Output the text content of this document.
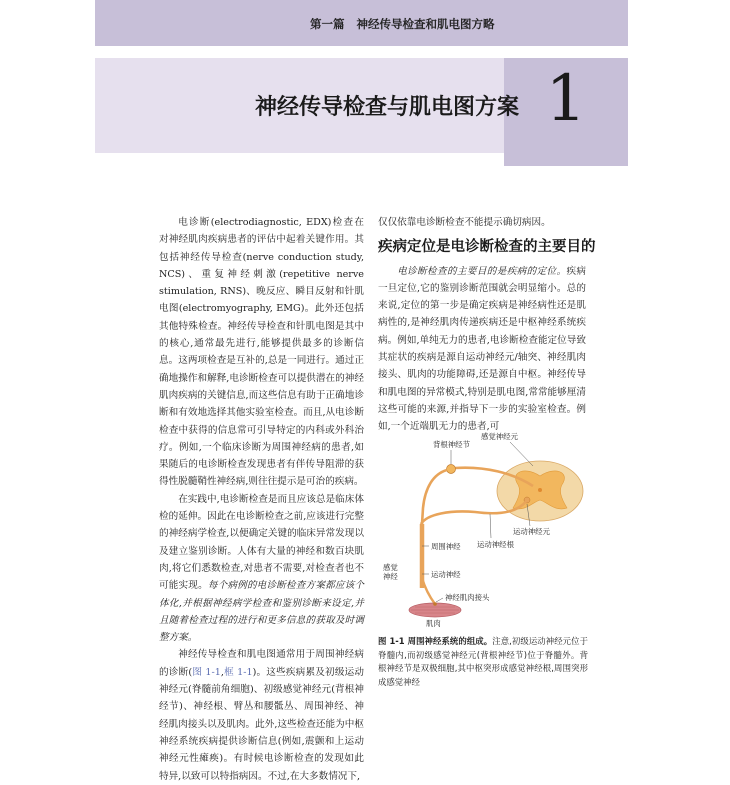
第一篇 神经传导检查和肌电图方略
1
神经传导检查与肌电图方案

电诊断(electrodiagnostic, EDX)检查在对神经肌肉疾病患者的评估中起着关键作用。其包括神经传导检查(nerve conduction study, NCS)、重复神经刺激(repetitive nerve stimulation, RNS)、晚反应、瞬目反射和针肌电图(electromyography, EMG)。此外还包括其他特殊检查。神经传导检查和针肌电图是其中的核心,通常最先进行,能够提供最多的诊断信息。这两项检查是互补的,总是一同进行。通过正确地操作和解释,电诊断检查可以提供潜在的神经肌肉疾病的关键信息,而这些信息有助于正确地诊断和有效地选择其他实验室检查。而且,从电诊断检查中获得的信息常可引导特定的内科或外科治疗。例如,一个临床诊断为周围神经病的患者,如果随后的电诊断检查发现患者有伴传导阻滞的获得性脱髓鞘性神经病,则往往提示是可治的疾病。

在实践中,电诊断检查是而且应该总是临床体检的延伸。因此在电诊断检查之前,应该进行完整的神经病学检查,以便确定关键的临床异常发现以及建立鉴别诊断。人体有大量的神经和数百块肌肉,将它们悉数检查,对患者不需要,对检查者也不可能实现。每个病例的电诊断检查方案都应该个体化,并根据神经病学检查和鉴别诊断来设定,并且随着检查过程的进行和更多信息的获取及时调整方案。

神经传导检查和肌电图通常用于周围神经病的诊断(图 1-1,框 1-1)。这些疾病累及初级运动神经元(脊髓前角细胞)、初级感觉神经元(背根神经节)、神经根、臂丛和腰骶丛、周围神经、神经肌肉接头以及肌肉。此外,这些检查还能为中枢神经系统疾病提供诊断信息(例如,震颤和上运动神经元性瘫痪)。有时候电诊断检查的发现如此特异,以致可以特指病因。不过,在大多数情况下,

仅仅依靠电诊断检查不能提示确切病因。

疾病定位是电诊断检查的主要目的

电诊断检查的主要目的是疾病的定位。疾病一旦定位,它的鉴别诊断范围就会明显缩小。总的来说,定位的第一步是确定疾病是神经病性还是肌病性的,是神经肌肉传递疾病还是中枢神经系统疾病。例如,单纯无力的患者,电诊断检查能定位导致其症状的疾病是源自运动神经元/轴突、神经肌肉接头、肌肉的功能障碍,还是源自中枢。神经传导和肌电图的异常模式,特别是肌电图,常常能够厘清这些可能的来源,并指导下一步的实验室检查。例如,一个近端肌无力的患者,可

感觉神经元
背根神经节
运动神经元
运动神经根
周围神经
感觉
神经	运动神经
神经肌肉接头
肌肉
图 1-1 周围神经系统的组成。注意,初级运动神经元位于脊髓内,而初级感觉神经元(背根神经节)位于脊髓外。背根神经节是双极细胞,其中枢突形成感觉神经根,周围突形成感觉神经
